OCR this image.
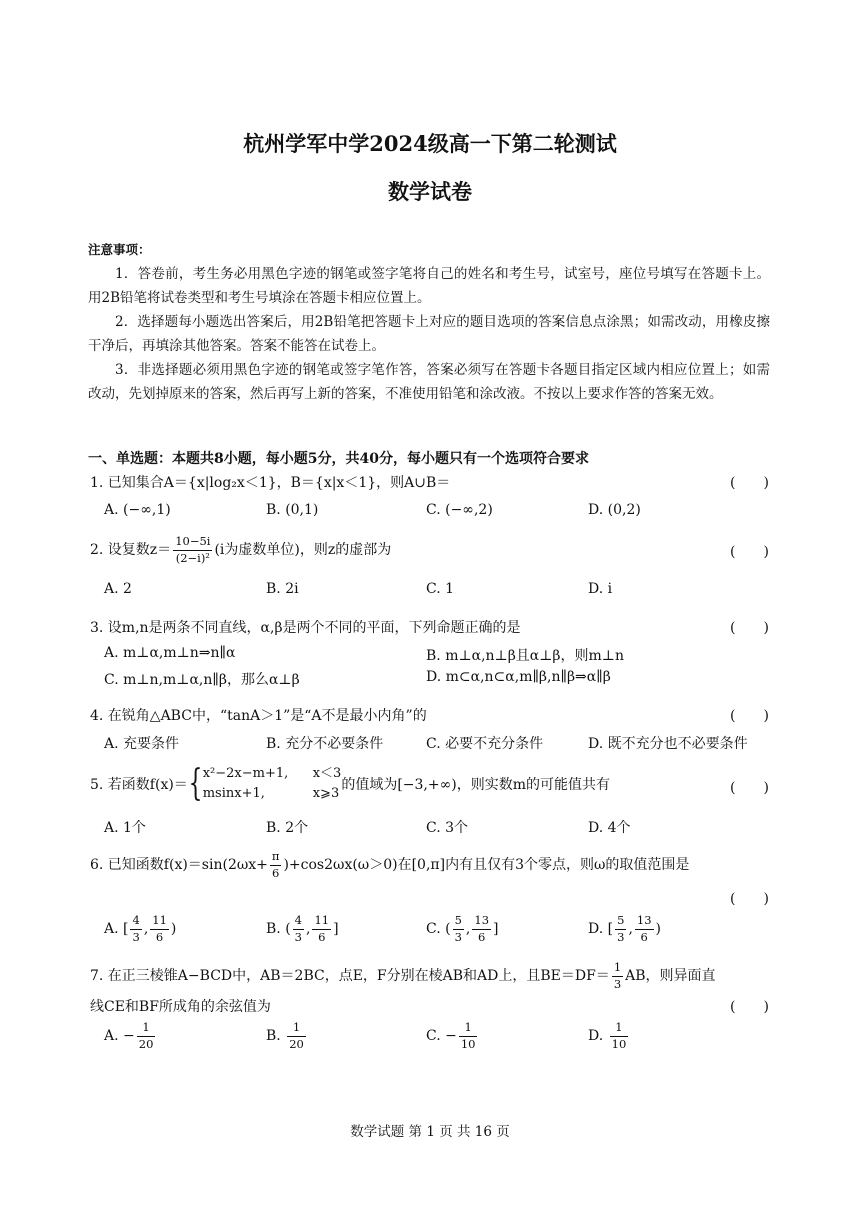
杭州学军中学2024级高一下第二轮测试
数学试卷
注意事项：
1．答卷前，考生务必用黑色字迹的钢笔或签字笔将自己的姓名和考生号，试室号，座位号填写在答题卡上。用2B铅笔将试卷类型和考生号填涂在答题卡相应位置上。
2．选择题每小题选出答案后，用2B铅笔把答题卡上对应的题目选项的答案信息点涂黑；如需改动，用橡皮擦干净后，再填涂其他答案。答案不能答在试卷上。
3．非选择题必须用黑色字迹的钢笔或签字笔作答，答案必须写在答题卡各题目指定区域内相应位置上；如需改动，先划掉原来的答案，然后再写上新的答案，不准使用铅笔和涂改液。不按以上要求作答的答案无效。
一、单选题：本题共8小题，每小题5分，共40分，每小题只有一个选项符合要求
1. 已知集合A＝{x|log₂x＜1}，B＝{x|x＜1}，则A∪B＝	(　　)
A. (−∞,1)	B. (0,1)	C. (−∞,2)	D. (0,2)
2. 设复数$z= \frac{10-5i}{\text{(2−i)²}} (i$为虚数单位)，则z的虚部为	(　　)
A. 2	B. 2i	C. 1	D. i
3. 设m,n是两条不同直线，α,β是两个不同的平面，下列命题正确的是	(　　)
A. m⊥α,m⊥n⇒n∥α	B. m⊥α,n⊥β且α⊥β，则m⊥n
C. m⊥n,m⊥α,n∥β，那么α⊥β	D. m⊂α,n⊂α,m∥β,n∥β⇒α∥β
4. 在锐角△ABC中，“tanA＞1”是“A不是最小内角”的	(　　)
A. 充要条件	B. 充分不必要条件	C. 必要不充分条件	D. 既不充分也不必要条件
5. 若函数f(x)＝{x²−2x−m+1, x＜3
msinx+1,	x⩾3的值域为[−3,+∞)，则实数m的可能值共有	(　　)
A. 1个	B. 2个	C. 3个	D. 4个
6. 已知函数$f(x)=\sin(2\omega x+ \frac{\pi}{6} )+\cos 2\omega x(\omega>0)$在[0,π]内有且仅有3个零点，则ω的取值范围是
(　　)
A. [ $\frac{4}{3}$ , $\frac{11}{6}$ )	B. ( $\frac{4}{3}$ , $\frac{11}{6}$ ]	C. ( $\frac{5}{3}$ , $\frac{13}{6}$ ]	D. [ $\frac{5}{3}$ , $\frac{13}{6}$ )
7. 在正三棱锥A−BCD中，AB＝2BC，点E，F分别在棱AB和AD上，且$BE=DF= \frac{1}{3}$ AB，则异面直
线CE和BF所成角的余弦值为	(　　)
A. − $\frac{1}{20}$	B. $\frac{1}{20}$	C. − $\frac{1}{10}$	D. $\frac{1}{10}$
数学试题 第 1 页 共 16 页
